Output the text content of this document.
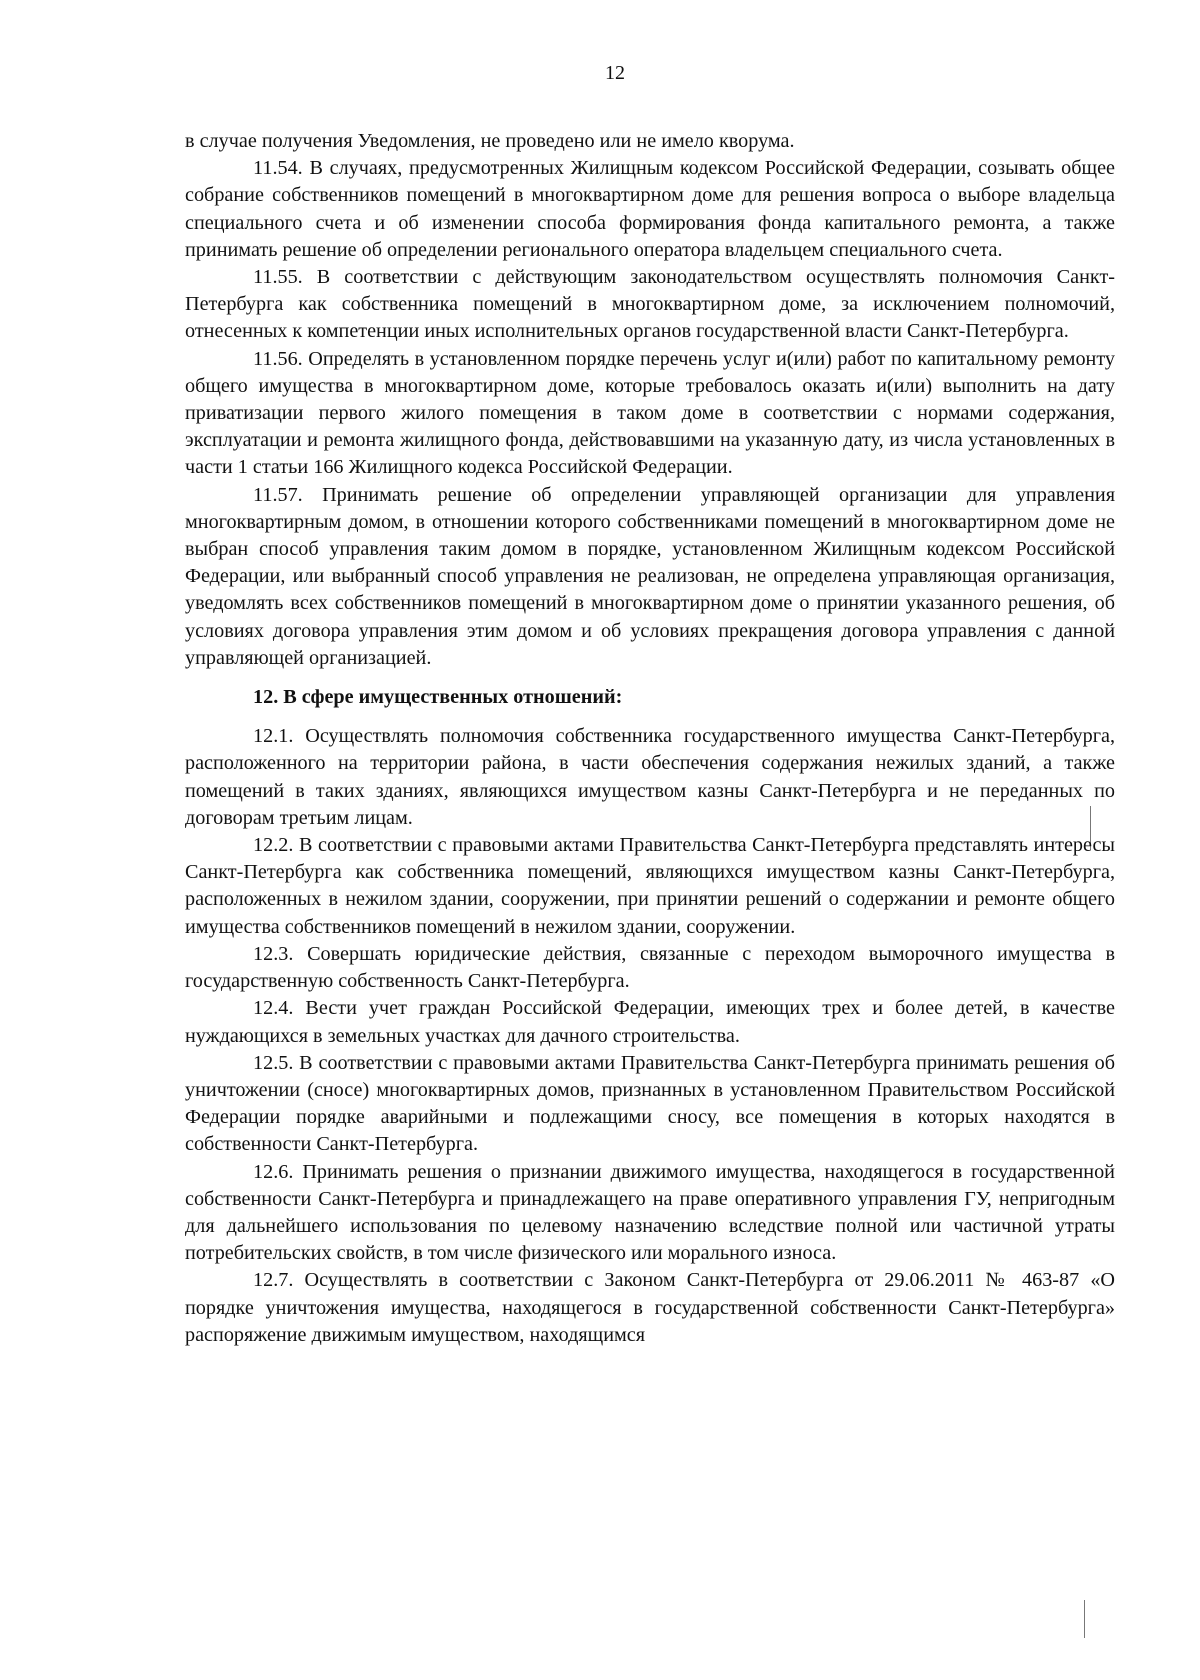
12

в случае получения Уведомления, не проведено или не имело кворума.

11.54. В случаях, предусмотренных Жилищным кодексом Российской Федерации, созывать общее собрание собственников помещений в многоквартирном доме для решения вопроса о выборе владельца специального счета и об изменении способа формирования фонда капитального ремонта, а также принимать решение об определении регионального оператора владельцем специального счета.

11.55. В соответствии с действующим законодательством осуществлять полномочия Санкт-Петербурга как собственника помещений в многоквартирном доме, за исключением полномочий, отнесенных к компетенции иных исполнительных органов государственной власти Санкт-Петербурга.

11.56. Определять в установленном порядке перечень услуг и(или) работ по капитальному ремонту общего имущества в многоквартирном доме, которые требовалось оказать и(или) выполнить на дату приватизации первого жилого помещения в таком доме в соответствии с нормами содержания, эксплуатации и ремонта жилищного фонда, действовавшими на указанную дату, из числа установленных в части 1 статьи 166 Жилищного кодекса Российской Федерации.

11.57. Принимать решение об определении управляющей организации для управления многоквартирным домом, в отношении которого собственниками помещений в многоквартирном доме не выбран способ управления таким домом в порядке, установленном Жилищным кодексом Российской Федерации, или выбранный способ управления не реализован, не определена управляющая организация, уведомлять всех собственников помещений в многоквартирном доме о принятии указанного решения, об условиях договора управления этим домом и об условиях прекращения договора управления с данной управляющей организацией.

12. В сфере имущественных отношений:

12.1. Осуществлять полномочия собственника государственного имущества Санкт-Петербурга, расположенного на территории района, в части обеспечения содержания нежилых зданий, а также помещений в таких зданиях, являющихся имуществом казны Санкт-Петербурга и не переданных по договорам третьим лицам.

12.2. В соответствии с правовыми актами Правительства Санкт-Петербурга представлять интересы Санкт-Петербурга как собственника помещений, являющихся имуществом казны Санкт-Петербурга, расположенных в нежилом здании, сооружении, при принятии решений о содержании и ремонте общего имущества собственников помещений в нежилом здании, сооружении.

12.3. Совершать юридические действия, связанные с переходом выморочного имущества в государственную собственность Санкт-Петербурга.

12.4. Вести учет граждан Российской Федерации, имеющих трех и более детей, в качестве нуждающихся в земельных участках для дачного строительства.

12.5. В соответствии с правовыми актами Правительства Санкт-Петербурга принимать решения об уничтожении (сносе) многоквартирных домов, признанных в установленном Правительством Российской Федерации порядке аварийными и подлежащими сносу, все помещения в которых находятся в собственности Санкт-Петербурга.

12.6. Принимать решения о признании движимого имущества, находящегося в государственной собственности Санкт-Петербурга и принадлежащего на праве оперативного управления ГУ, непригодным для дальнейшего использования по целевому назначению вследствие полной или частичной утраты потребительских свойств, в том числе физического или морального износа.

12.7. Осуществлять в соответствии с Законом Санкт-Петербурга от 29.06.2011 № 463-87 «О порядке уничтожения имущества, находящегося в государственной собственности Санкт-Петербурга» распоряжение движимым имуществом, находящимся
